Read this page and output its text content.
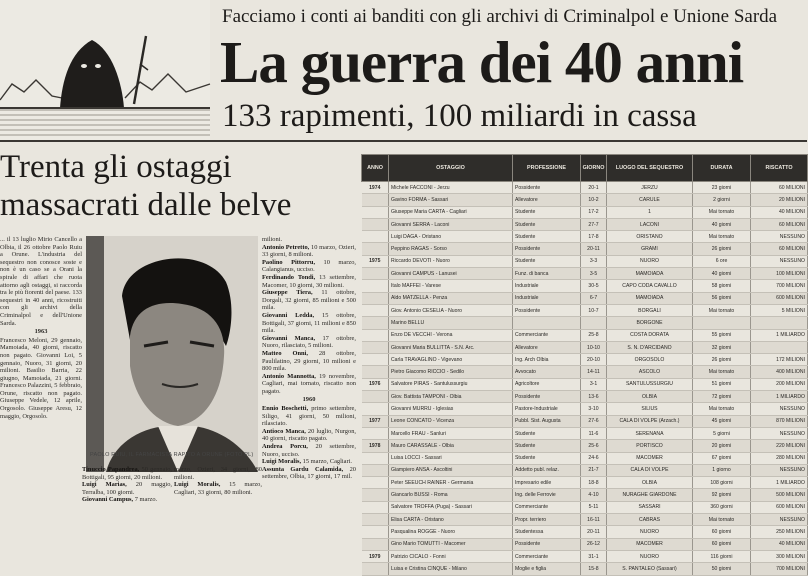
Facciamo i conti ai banditi con gli archivi di Criminalpol e Unione Sarda
La guerra dei 40 anni
133 rapimenti, 100 miliardi in cassa
Trenta gli ostaggi
massacrati dalle belve

... il 13 luglio Mirio Cancello a Olbia, il 26 ottobre Paolo Ruiu a Orune. L'industria del sequestro non conosce soste e non è un caso se a Orani la spirale di affari che ruota attorno agli ostaggi, si raccorda tra le più fiorenti del paese. 133 sequestri in 40 anni, ricostruiti con gli archivi della Criminalpol e dell'Unione Sarda.

1963

Francesco Meloni, 29 gennaio, Mamoiada, 40 giorni, riscatto non pagato. Giovanni Loi, 5 gennaio, Nuoro, 31 giorni, 20 milioni. Basilio Barria, 22 giugno, Mamoiada, 21 giorni. Francesco Palazzini, 5 febbraio, Orune, riscatto non pagato. Giuseppe Vedele, 12 aprile, Orgosolo. Giuseppe Aresu, 12 maggio, Orgosolo.

PAOLO RUIU, IL FARMACISTA RAPITO A ORUNE (FOTO PL)

milioni.

Antonio Petretto, 10 marzo, Ozieri, 33 giorni, 8 milioni.

Paolino Pittorru, 10 marzo, Calangianus, ucciso.

Ferdinando Tondi, 13 settembre, Macomer, 10 giorni, 30 milioni.

Giuseppe Tiera, 11 ottobre, Dorgali, 32 giorni, 85 milioni e 500 mila.

Giovanni Ledda, 15 ottobre, Bottigali, 37 giorni, 11 milioni e 850 mila.

Giovanni Manca, 17 ottobre, Nuoro, rilasciato, 5 milioni.

Matteo Onni, 28 ottobre, Paulilatino, 29 giorni, 10 milioni e 800 mila.

Antonio Mannotta, 19 novembre, Cagliari, mai tornato, riscatto non pagato.

1960

Ennio Boschetti, primo settembre, Siligo, 41 giorni, 50 milioni, rilasciato.

Antioco Manca, 20 luglio, Nurgon, 40 giorni, riscatto pagato.

Andrea Porcu, 20 settembre, Nuoro, ucciso.

Luigi Moralis, 15 marzo, Cagliari.

Assunta Gardu Calamida, 20 settembre, Olbia, 17 giorni, 17 mil.

Tinuccio Papandrea, 50 gennaio, Bottigali, 95 giorni, 20 milioni.

Luigi Marias, 20 maggio, Terralba, 100 giorni.

Giovanni Campus, 7 marzo.

marzo, Ozieri, 34 giorni, 80 milioni.

Luigi Moralis, 15 marzo, Cagliari, 33 giorni, 80 milioni.

ANNO	OSTAGGIO	PROFESSIONE	GIORNO	LUOGO DEL SEQUESTRO	DURATA	RISCATTO
1974	Michele FACCONI - Jerzu	Possidente	20-1	JERZU	23 giorni	60 MILIONI
	Gavino FORMA - Sassari	Allevatore	10-2	CARULE	2 giorni	20 MILIONI
	Giuseppe Maria CARTA - Cagliari	Studente	17-2	1	Mai tornato	40 MILIONI
	Giovanni SERRA - Laconi	Studente	27-7	LACONI	40 giorni	60 MILIONI
	Luigi DAGA - Oristano	Studente	17-8	ORISTANO	Mai tornato	NESSUNO
	Peppino RAGAS - Sorso	Possidente	20-11	GRAMI	26 giorni	60 MILIONI
1975	Riccardo DEVOTI - Nuoro	Studente	3-3	NUORO	6 ore	NESSUNO
	Giovanni CAMPUS - Lanusei	Funz. di banca	3-5	MAMOIADA	40 giorni	100 MILIONI
	Italo MAFFEI - Varese	Industriale	30-5	CAPO CODA CAVALLO	58 giorni	700 MILIONI
	Aldo MATZELLA - Penza	Industriale	6-7	MAMOIADA	56 giorni	600 MILIONI
	Giov. Antonio CESELIA - Nuoro	Possidente	10-7	BORGALI	Mai tornato	5 MILIONI
	Marino BELLU			BORGONE		
	Enzo DE VECCHI - Verona	Commerciante	25-8	COSTA DORATA	55 giorni	1 MILIARDO
	Giovanni Maria BULLITTA - S.N. Arc.	Allevatore	10-10	S. N. D'ARCIDANO	32 giorni	
	Carla TRAVAGLINO - Vigevano	Ing. Arch Olbia	20-10	ORGOSOLO	26 giorni	172 MILIONI
	Pietro Giacomo RICCIO - Sedilo	Avvocato	14-11	ASCOLO	Mai tornato	400 MILIONI
1976	Salvatore PIRAS - Santulussurgiu	Agricoltore	3-1	SANTULUSSURGIU	51 giorni	200 MILIONI
	Giov. Battista TAMPONI - Olbia	Possidente	13-6	OLBIA	72 giorni	1 MILIARDO
	Giovanni MURRU - Iglesias	Pastore-Industriale	3-10	SILIUS	Mai tornato	NESSUNO
1977	Leone CONCATO - Vicenza	Pubbl. Sist. Augusta	27-6	CALA DI VOLPE (Arzach.)	45 giorni	870 MILIONI
	Marcello FRAU - Sanluri	Studente	11-6	SERENANA	5 giorni	NESSUNO
1978	Mauro CARASSALE - Olbia	Studente	25-6	PORTISCO	20 giorni	220 MILIONI
	Luisa LOCCI - Sassari	Studente	24-6	MACOMER	67 giorni	280 MILIONI
	Giampiero ANSA - Ascoltini	Addetto publ. relaz.	21-7	CALA DI VOLPE	1 giorno	NESSUNO
	Peter SEEUCH RAINER - Germania	Impresario edile	18-8	OLBIA	108 giorni	1 MILIARDO
	Giancarlo BUSSI - Roma	Ing. delle Ferrovie	4-10	NURAGHE GIARDONE	92 giorni	500 MILIONI
	Salvatore TROFFA (Puga) - Sassari	Commerciante	5-11	SASSARI	360 giorni	600 MILIONI
	Elisa CARTA - Oristano	Propr. terriero	16-11	CABRAS	Mai tornato	NESSUNO
	Pasqualina ROGGE - Nuoro	Studentessa	20-11	NUORO	60 giorni	250 MILIONI
	Gino Mario TOMUTTI - Macomer	Possidente	26-12	MACOMER	60 giorni	40 MILIONI
1979	Patrizio CICALO - Fonni	Commerciante	31-1	NUORO	116 giorni	300 MILIONI
	Luisa e Cristina CINQUE - Milano	Moglie e figlia	15-8	S. PANTALEO (Sassari)	50 giorni	700 MILIONI
